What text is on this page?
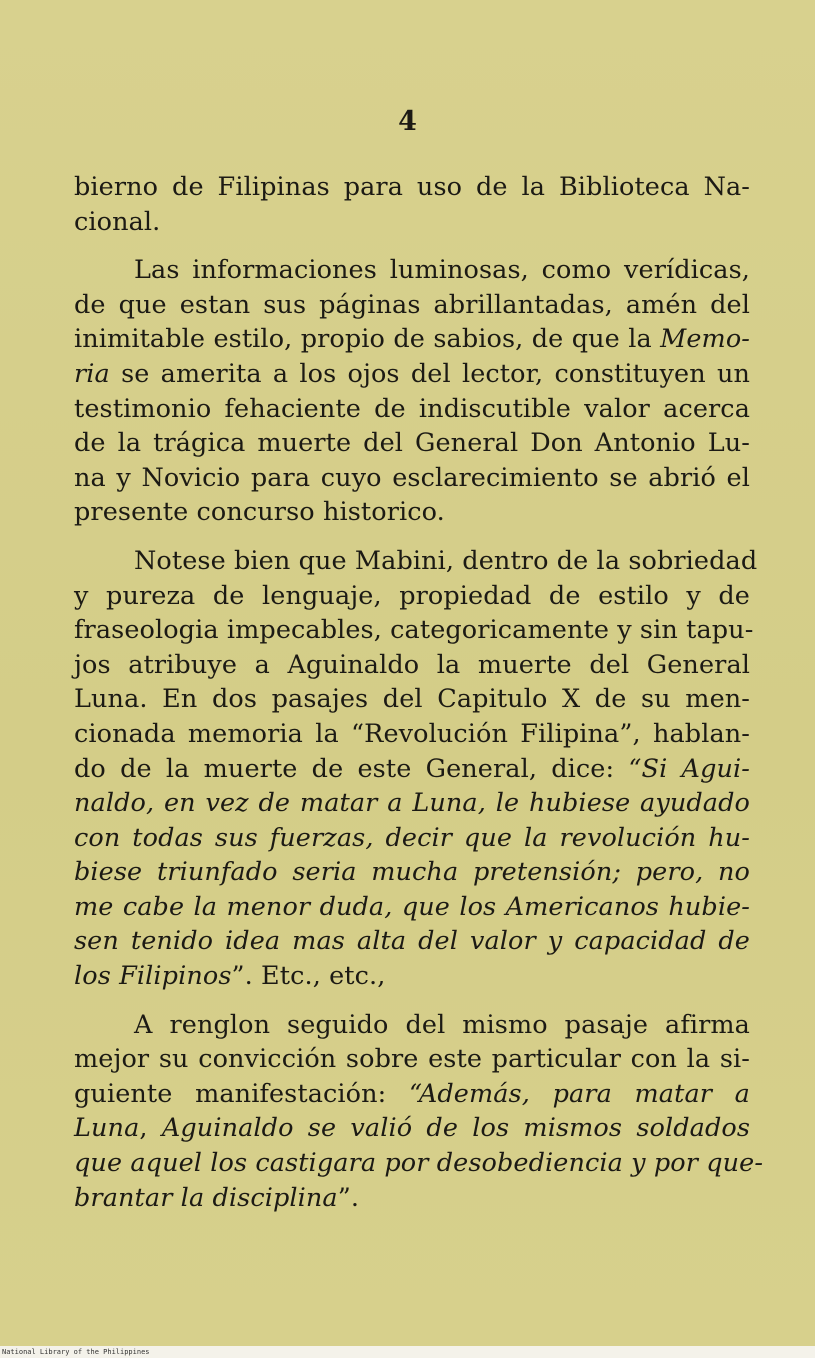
4
bierno de Filipinas para uso de la Biblioteca Na-
cional.
Las informaciones luminosas, como verídicas,
de que estan sus páginas abrillantadas, amén del
inimitable estilo, propio de sabios, de que la Memo-
ria se amerita a los ojos del lector, constituyen un
testimonio fehaciente de indiscutible valor acerca
de la trágica muerte del General Don Antonio Lu-
na y Novicio para cuyo esclarecimiento se abrió el
presente concurso historico.
Notese bien que Mabini, dentro de la sobriedad
y pureza de lenguaje, propiedad de estilo y de
fraseologia impecables, categoricamente y sin tapu-
jos atribuye a Aguinaldo la muerte del General
Luna. En dos pasajes del Capitulo X de su men-
cionada memoria la “Revolución Filipina”, hablan-
do de la muerte de este General, dice: “Si Agui-
naldo, en vez de matar a Luna, le hubiese ayudado
con todas sus fuerzas, decir que la revolución hu-
biese triunfado seria mucha pretensión; pero, no
me cabe la menor duda, que los Americanos hubie-
sen tenido idea mas alta del valor y capacidad de
los Filipinos”. Etc., etc.,
A renglon seguido del mismo pasaje afirma
mejor su convicción sobre este particular con la si-
guiente manifestación: “Además, para matar a
Luna, Aguinaldo se valió de los mismos soldados
que aquel los castigara por desobediencia y por que-
brantar la disciplina”.
National Library of the Philippines
